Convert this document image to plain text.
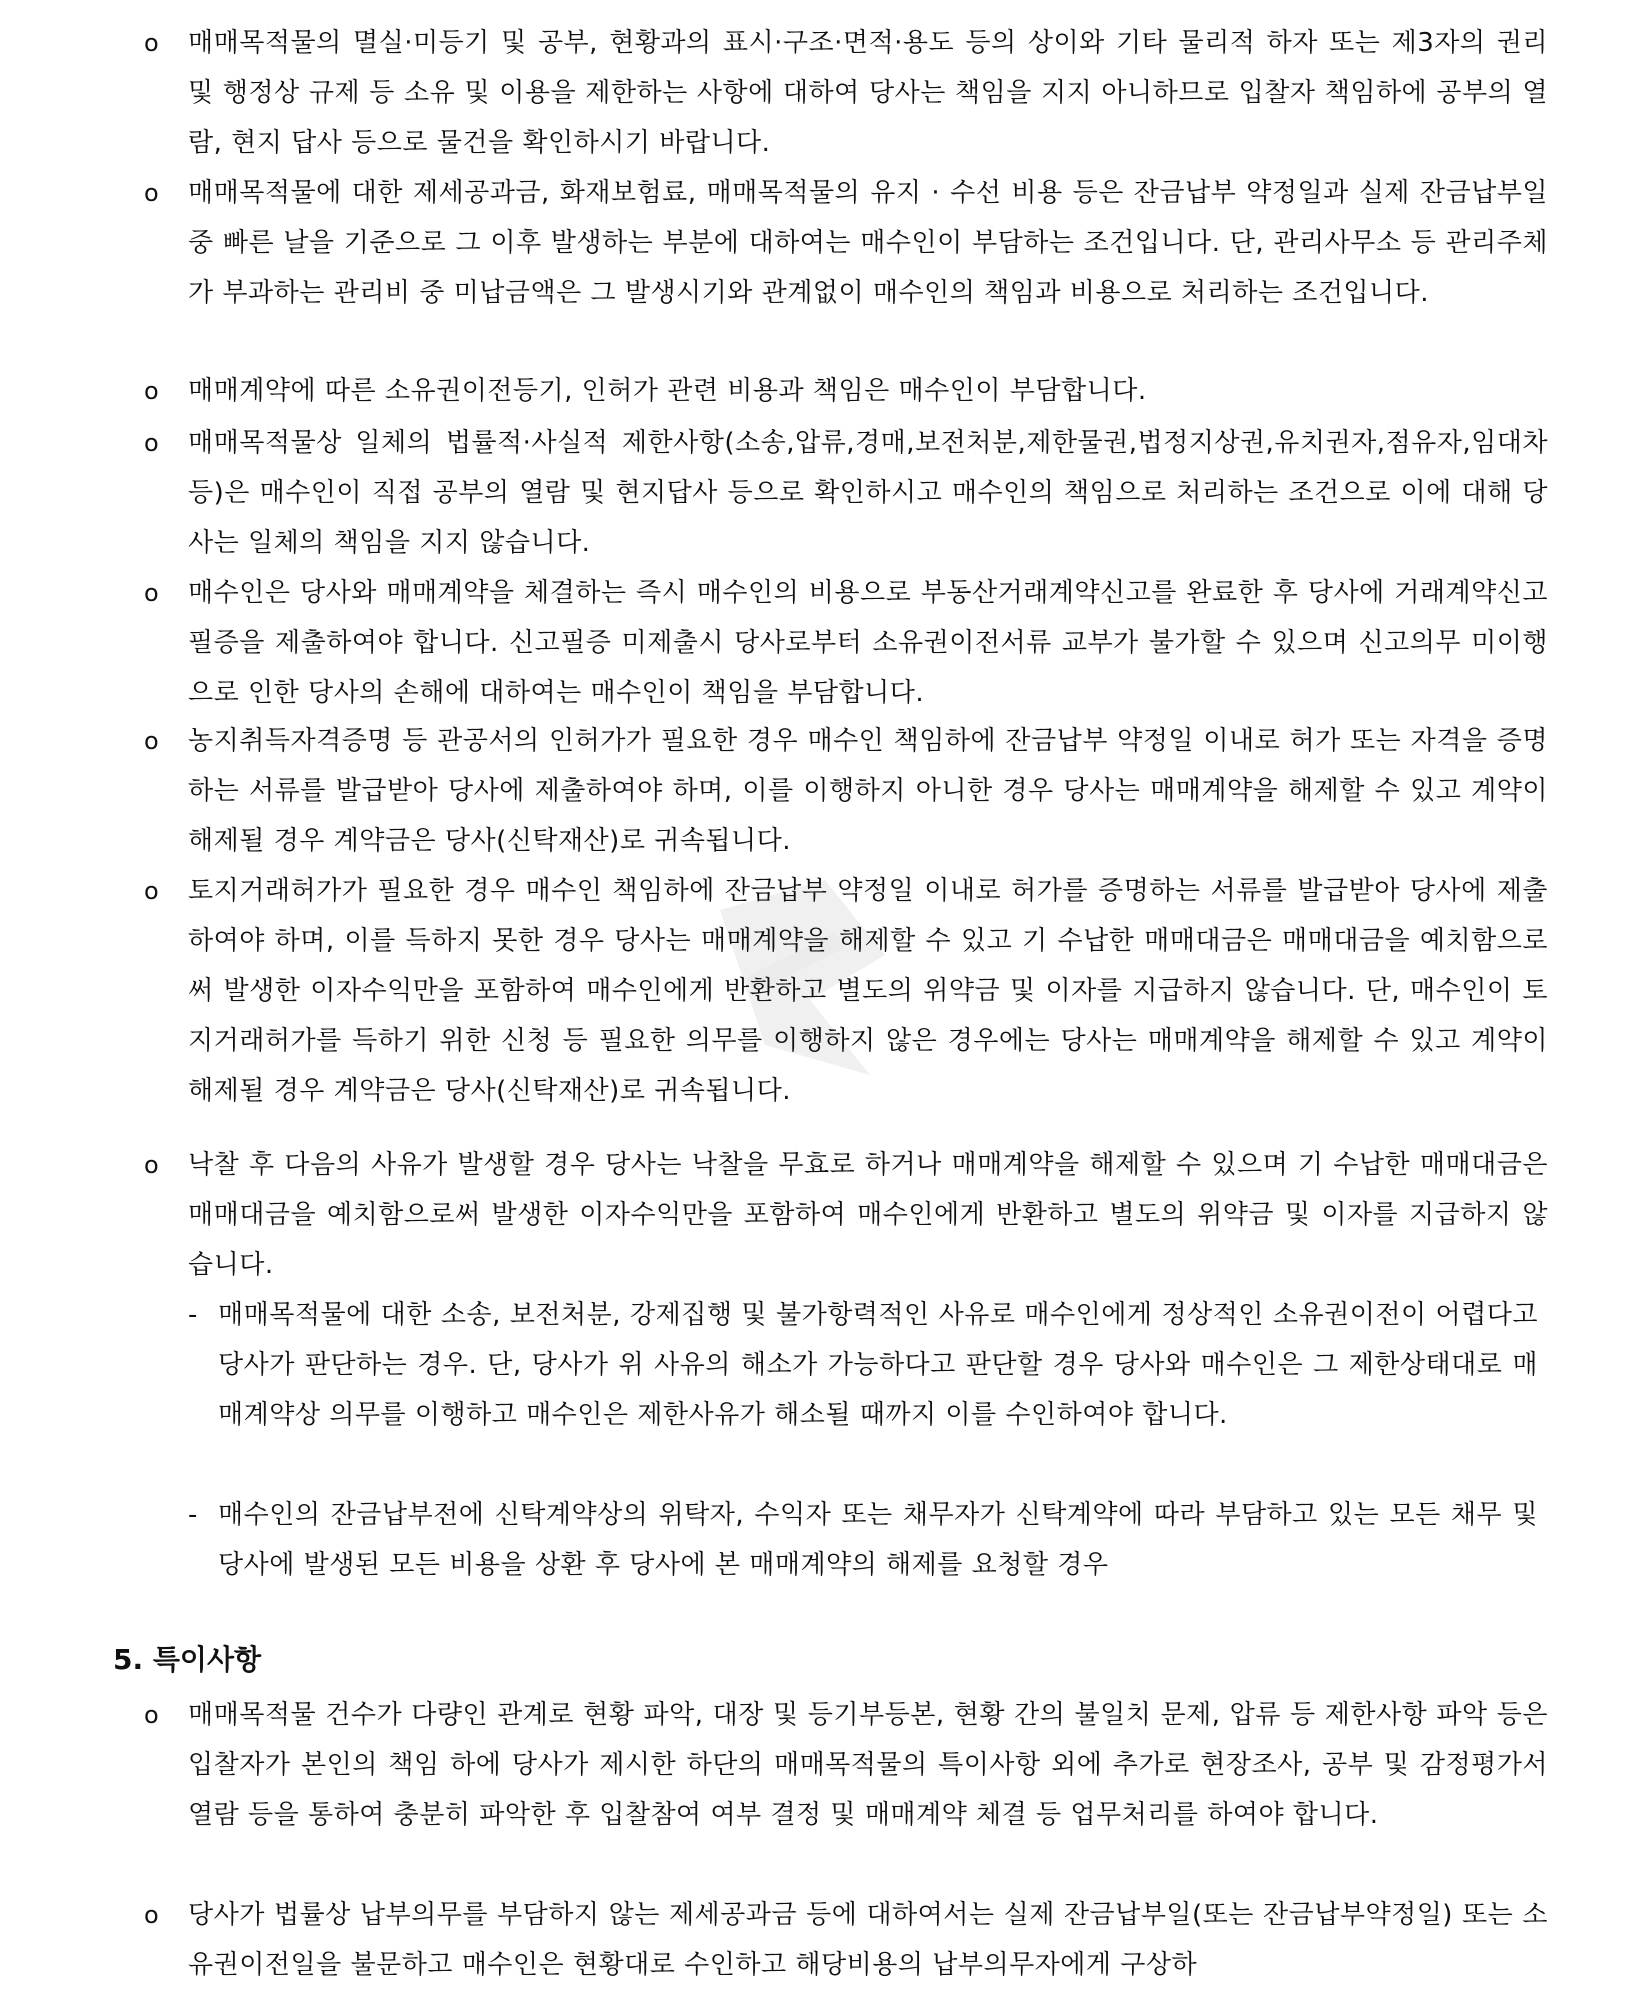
o 매매목적물의 멸실·미등기 및 공부, 현황과의 표시·구조·면적·용도 등의 상이와 기타 물리적 하자 또는 제3자의 권리 및 행정상 규제 등 소유 및 이용을 제한하는 사항에 대하여 당사는 책임을 지지 아니하므로 입찰자 책임하에 공부의 열람, 현지 답사 등으로 물건을 확인하시기 바랍니다.
o 매매목적물에 대한 제세공과금, 화재보험료, 매매목적물의 유지 · 수선 비용 등은 잔금납부 약정일과 실제 잔금납부일 중 빠른 날을 기준으로 그 이후 발생하는 부분에 대하여는 매수인이 부담하는 조건입니다. 단, 관리사무소 등 관리주체가 부과하는 관리비 중 미납금액은 그 발생시기와 관계없이 매수인의 책임과 비용으로 처리하는 조건입니다.
o 매매계약에 따른 소유권이전등기, 인허가 관련 비용과 책임은 매수인이 부담합니다.
o 매매목적물상 일체의 법률적·사실적 제한사항(소송,압류,경매,보전처분,제한물권,법정지상권,유치권자,점유자,임대차 등)은 매수인이 직접 공부의 열람 및 현지답사 등으로 확인하시고 매수인의 책임으로 처리하는 조건으로 이에 대해 당사는 일체의 책임을 지지 않습니다.
o 매수인은 당사와 매매계약을 체결하는 즉시 매수인의 비용으로 부동산거래계약신고를 완료한 후 당사에 거래계약신고필증을 제출하여야 합니다. 신고필증 미제출시 당사로부터 소유권이전서류 교부가 불가할 수 있으며 신고의무 미이행으로 인한 당사의 손해에 대하여는 매수인이 책임을 부담합니다.
o 농지취득자격증명 등 관공서의 인허가가 필요한 경우 매수인 책임하에 잔금납부 약정일 이내로 허가 또는 자격을 증명하는 서류를 발급받아 당사에 제출하여야 하며, 이를 이행하지 아니한 경우 당사는 매매계약을 해제할 수 있고 계약이 해제될 경우 계약금은 당사(신탁재산)로 귀속됩니다.
o 토지거래허가가 필요한 경우 매수인 책임하에 잔금납부 약정일 이내로 허가를 증명하는 서류를 발급받아 당사에 제출하여야 하며, 이를 득하지 못한 경우 당사는 매매계약을 해제할 수 있고 기 수납한 매매대금은 매매대금을 예치함으로써 발생한 이자수익만을 포함하여 매수인에게 반환하고 별도의 위약금 및 이자를 지급하지 않습니다. 단, 매수인이 토지거래허가를 득하기 위한 신청 등 필요한 의무를 이행하지 않은 경우에는 당사는 매매계약을 해제할 수 있고 계약이 해제될 경우 계약금은 당사(신탁재산)로 귀속됩니다.
o 낙찰 후 다음의 사유가 발생할 경우 당사는 낙찰을 무효로 하거나 매매계약을 해제할 수 있으며 기 수납한 매매대금은 매매대금을 예치함으로써 발생한 이자수익만을 포함하여 매수인에게 반환하고 별도의 위약금 및 이자를 지급하지 않습니다.
- 매매목적물에 대한 소송, 보전처분, 강제집행 및 불가항력적인 사유로 매수인에게 정상적인 소유권이전이 어렵다고 당사가 판단하는 경우. 단, 당사가 위 사유의 해소가 가능하다고 판단할 경우 당사와 매수인은 그 제한상태대로 매매계약상 의무를 이행하고 매수인은 제한사유가 해소될 때까지 이를 수인하여야 합니다.
- 매수인의 잔금납부전에 신탁계약상의 위탁자, 수익자 또는 채무자가 신탁계약에 따라 부담하고 있는 모든 채무 및 당사에 발생된 모든 비용을 상환 후 당사에 본 매매계약의 해제를 요청할 경우
5. 특이사항
o 매매목적물 건수가 다량인 관계로 현황 파악, 대장 및 등기부등본, 현황 간의 불일치 문제, 압류 등 제한사항 파악 등은 입찰자가 본인의 책임 하에 당사가 제시한 하단의 매매목적물의 특이사항 외에 추가로 현장조사, 공부 및 감정평가서 열람 등을 통하여 충분히 파악한 후 입찰참여 여부 결정 및 매매계약 체결 등 업무처리를 하여야 합니다.
o 당사가 법률상 납부의무를 부담하지 않는 제세공과금 등에 대하여서는 실제 잔금납부일(또는 잔금납부약정일) 또는 소유권이전일을 불문하고 매수인은 현황대로 수인하고 해당비용의 납부의무자에게 구상하
